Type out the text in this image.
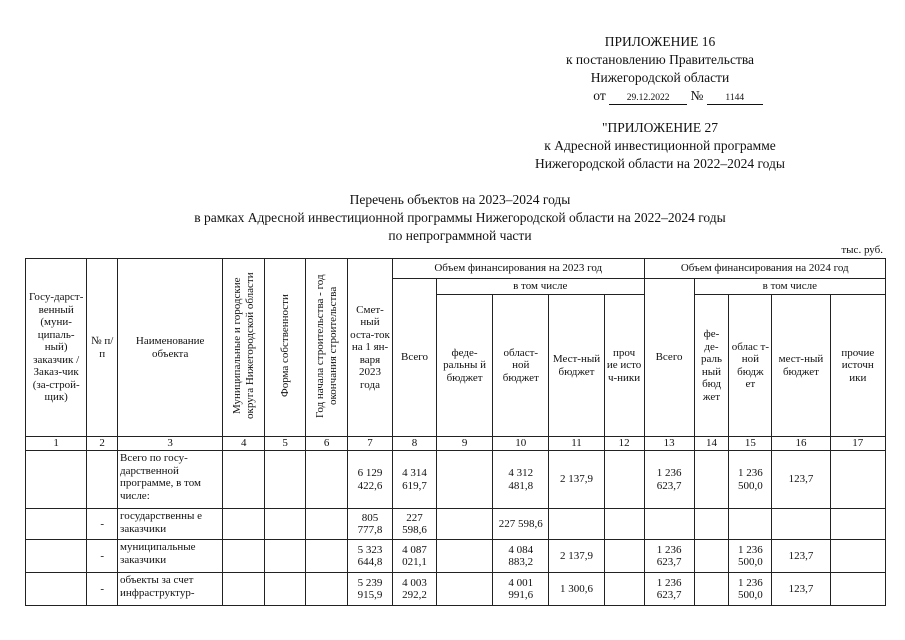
ПРИЛОЖЕНИЕ 16
к постановлению Правительства
Нижегородской области
от 29.12.2022 № 1144
"ПРИЛОЖЕНИЕ 27
к Адресной инвестиционной программе
Нижегородской области на 2022–2024 годы
Перечень объектов на 2023–2024 годы
в рамках Адресной инвестиционной программы Нижегородской области на 2022–2024 годы
по непрограммной части
тыс. руб.
Госу-дарст-венный (муни-ципаль-ный) заказчик / Заказ-чик (за-строй-щик)	№ п/п	Наименование объекта	Муниципальные и городские округа Нижегородской области	Форма собственности	Год начала строительства - год окончания строительства	Смет-ный оста-ток на 1 ян-варя 2023 года	Объем финансирования на 2023 год					Объем финансирования на 2024 год				
							Всего	в том числе				Всего	в том числе			
								феде-ральны й бюджет	област-ной бюджет	Мест-ный бюджет	проч ие исто ч-ники		фе-де-раль ный бюд жет	облас т-ной бюдж ет	мест-ный бюджет	прочие источн ики
1	2	3	4	5	6	7	8	9	10	11	12	13	14	15	16	17
		Всего по госу-дарственной программе, в том числе:				6 129 422,6	4 314 619,7		4 312 481,8	2 137,9		1 236 623,7		1 236 500,0	123,7	
	-	государственны е заказчики				805 777,8	227 598,6		227 598,6							
	-	муниципальные заказчики				5 323 644,8	4 087 021,1		4 084 883,2	2 137,9		1 236 623,7		1 236 500,0	123,7	
	-	объекты за счет инфраструктур-				5 239 915,9	4 003 292,2		4 001 991,6	1 300,6		1 236 623,7		1 236 500,0	123,7	
